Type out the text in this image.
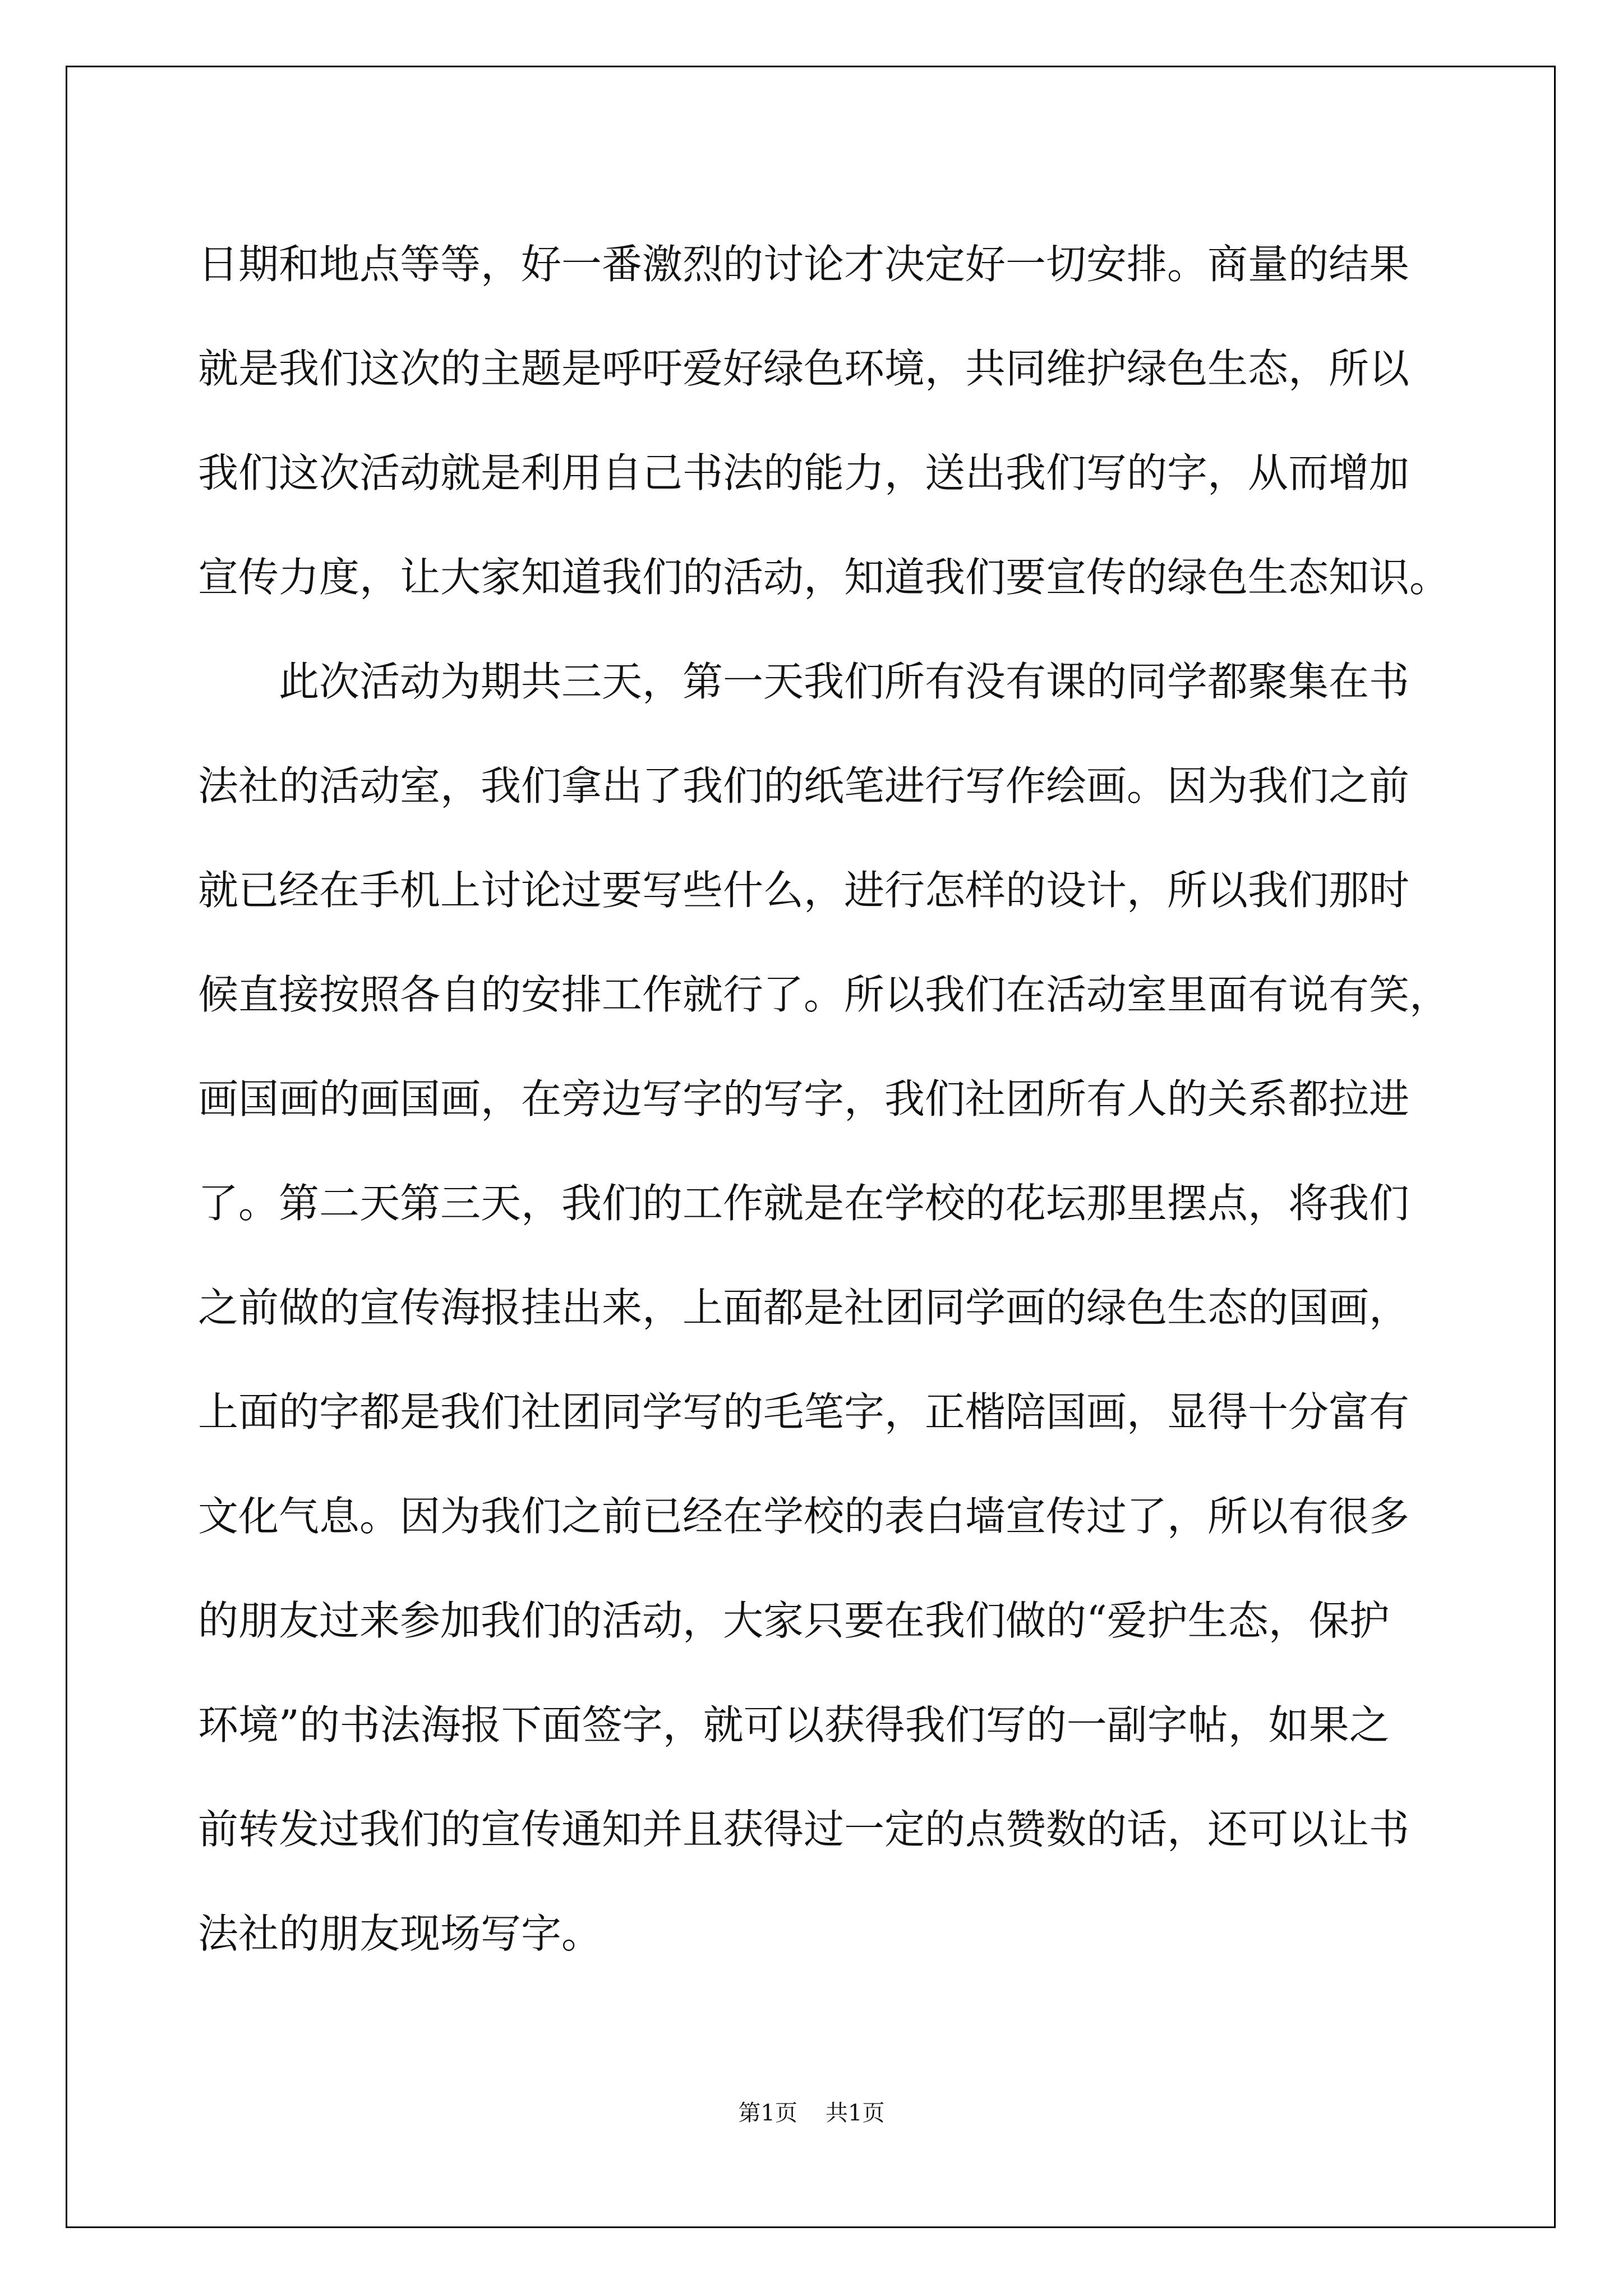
日期和地点等等，好一番激烈的讨论才决定好一切安排。商量的结果
就是我们这次的主题是呼吁爱好绿色环境，共同维护绿色生态，所以
我们这次活动就是利用自己书法的能力，送出我们写的字，从而增加
宣传力度，让大家知道我们的活动，知道我们要宣传的绿色生态知识。
　　此次活动为期共三天，第一天我们所有没有课的同学都聚集在书
法社的活动室，我们拿出了我们的纸笔进行写作绘画。因为我们之前
就已经在手机上讨论过要写些什么，进行怎样的设计，所以我们那时
候直接按照各自的安排工作就行了。所以我们在活动室里面有说有笑，
画国画的画国画，在旁边写字的写字，我们社团所有人的关系都拉进
了。第二天第三天，我们的工作就是在学校的花坛那里摆点，将我们
之前做的宣传海报挂出来，上面都是社团同学画的绿色生态的国画，
上面的字都是我们社团同学写的毛笔字，正楷陪国画，显得十分富有
文化气息。因为我们之前已经在学校的表白墙宣传过了，所以有很多
的朋友过来参加我们的活动，大家只要在我们做的“爱护生态，保护
环境”的书法海报下面签字，就可以获得我们写的一副字帖，如果之
前转发过我们的宣传通知并且获得过一定的点赞数的话，还可以让书
法社的朋友现场写字。
第1页 共1页
